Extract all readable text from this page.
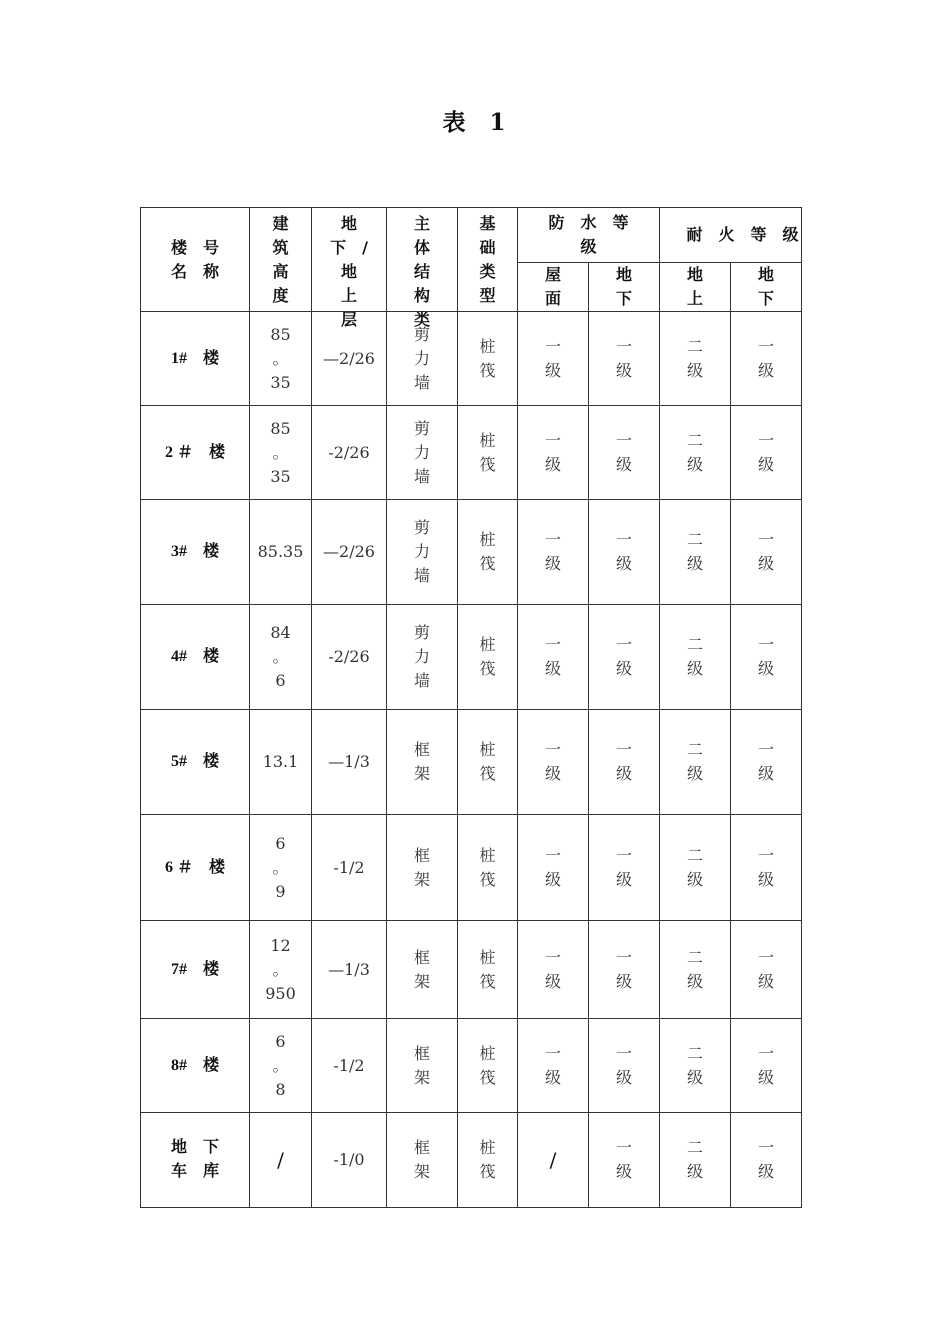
表 1
楼　号
名　称	建
筑
高
度	地
下　/
地
上
层	主
体
结
构
类	基
础
类
型	防　水　等
级		耐　火　等　级	
					屋
面	地
下	地
上	地
下
1#　楼	85
。
35	—2/26	剪
力
墙	桩
筏	一
级	一
级	二
级	一
级
2 ＃　楼	85
。
35	-2/26	剪
力
墙	桩
筏	一
级	一
级	二
级	一
级
3#　楼	85.35	—2/26	剪
力
墙	桩
筏	一
级	一
级	二
级	一
级
4#　楼	84
。
6	-2/26	剪
力
墙	桩
筏	一
级	一
级	二
级	一
级
5#　楼	13.1	—1/3	框
架	桩
筏	一
级	一
级	二
级	一
级
6 ＃　楼	6
。
9	-1/2	框
架	桩
筏	一
级	一
级	二
级	一
级
7#　楼	12
。
950	—1/3	框
架	桩
筏	一
级	一
级	二
级	一
级
8#　楼	6
。
8	-1/2	框
架	桩
筏	一
级	一
级	二
级	一
级
地　下
车　库	/	-1/0	框
架	桩
筏	/	一
级	二
级	一
级
